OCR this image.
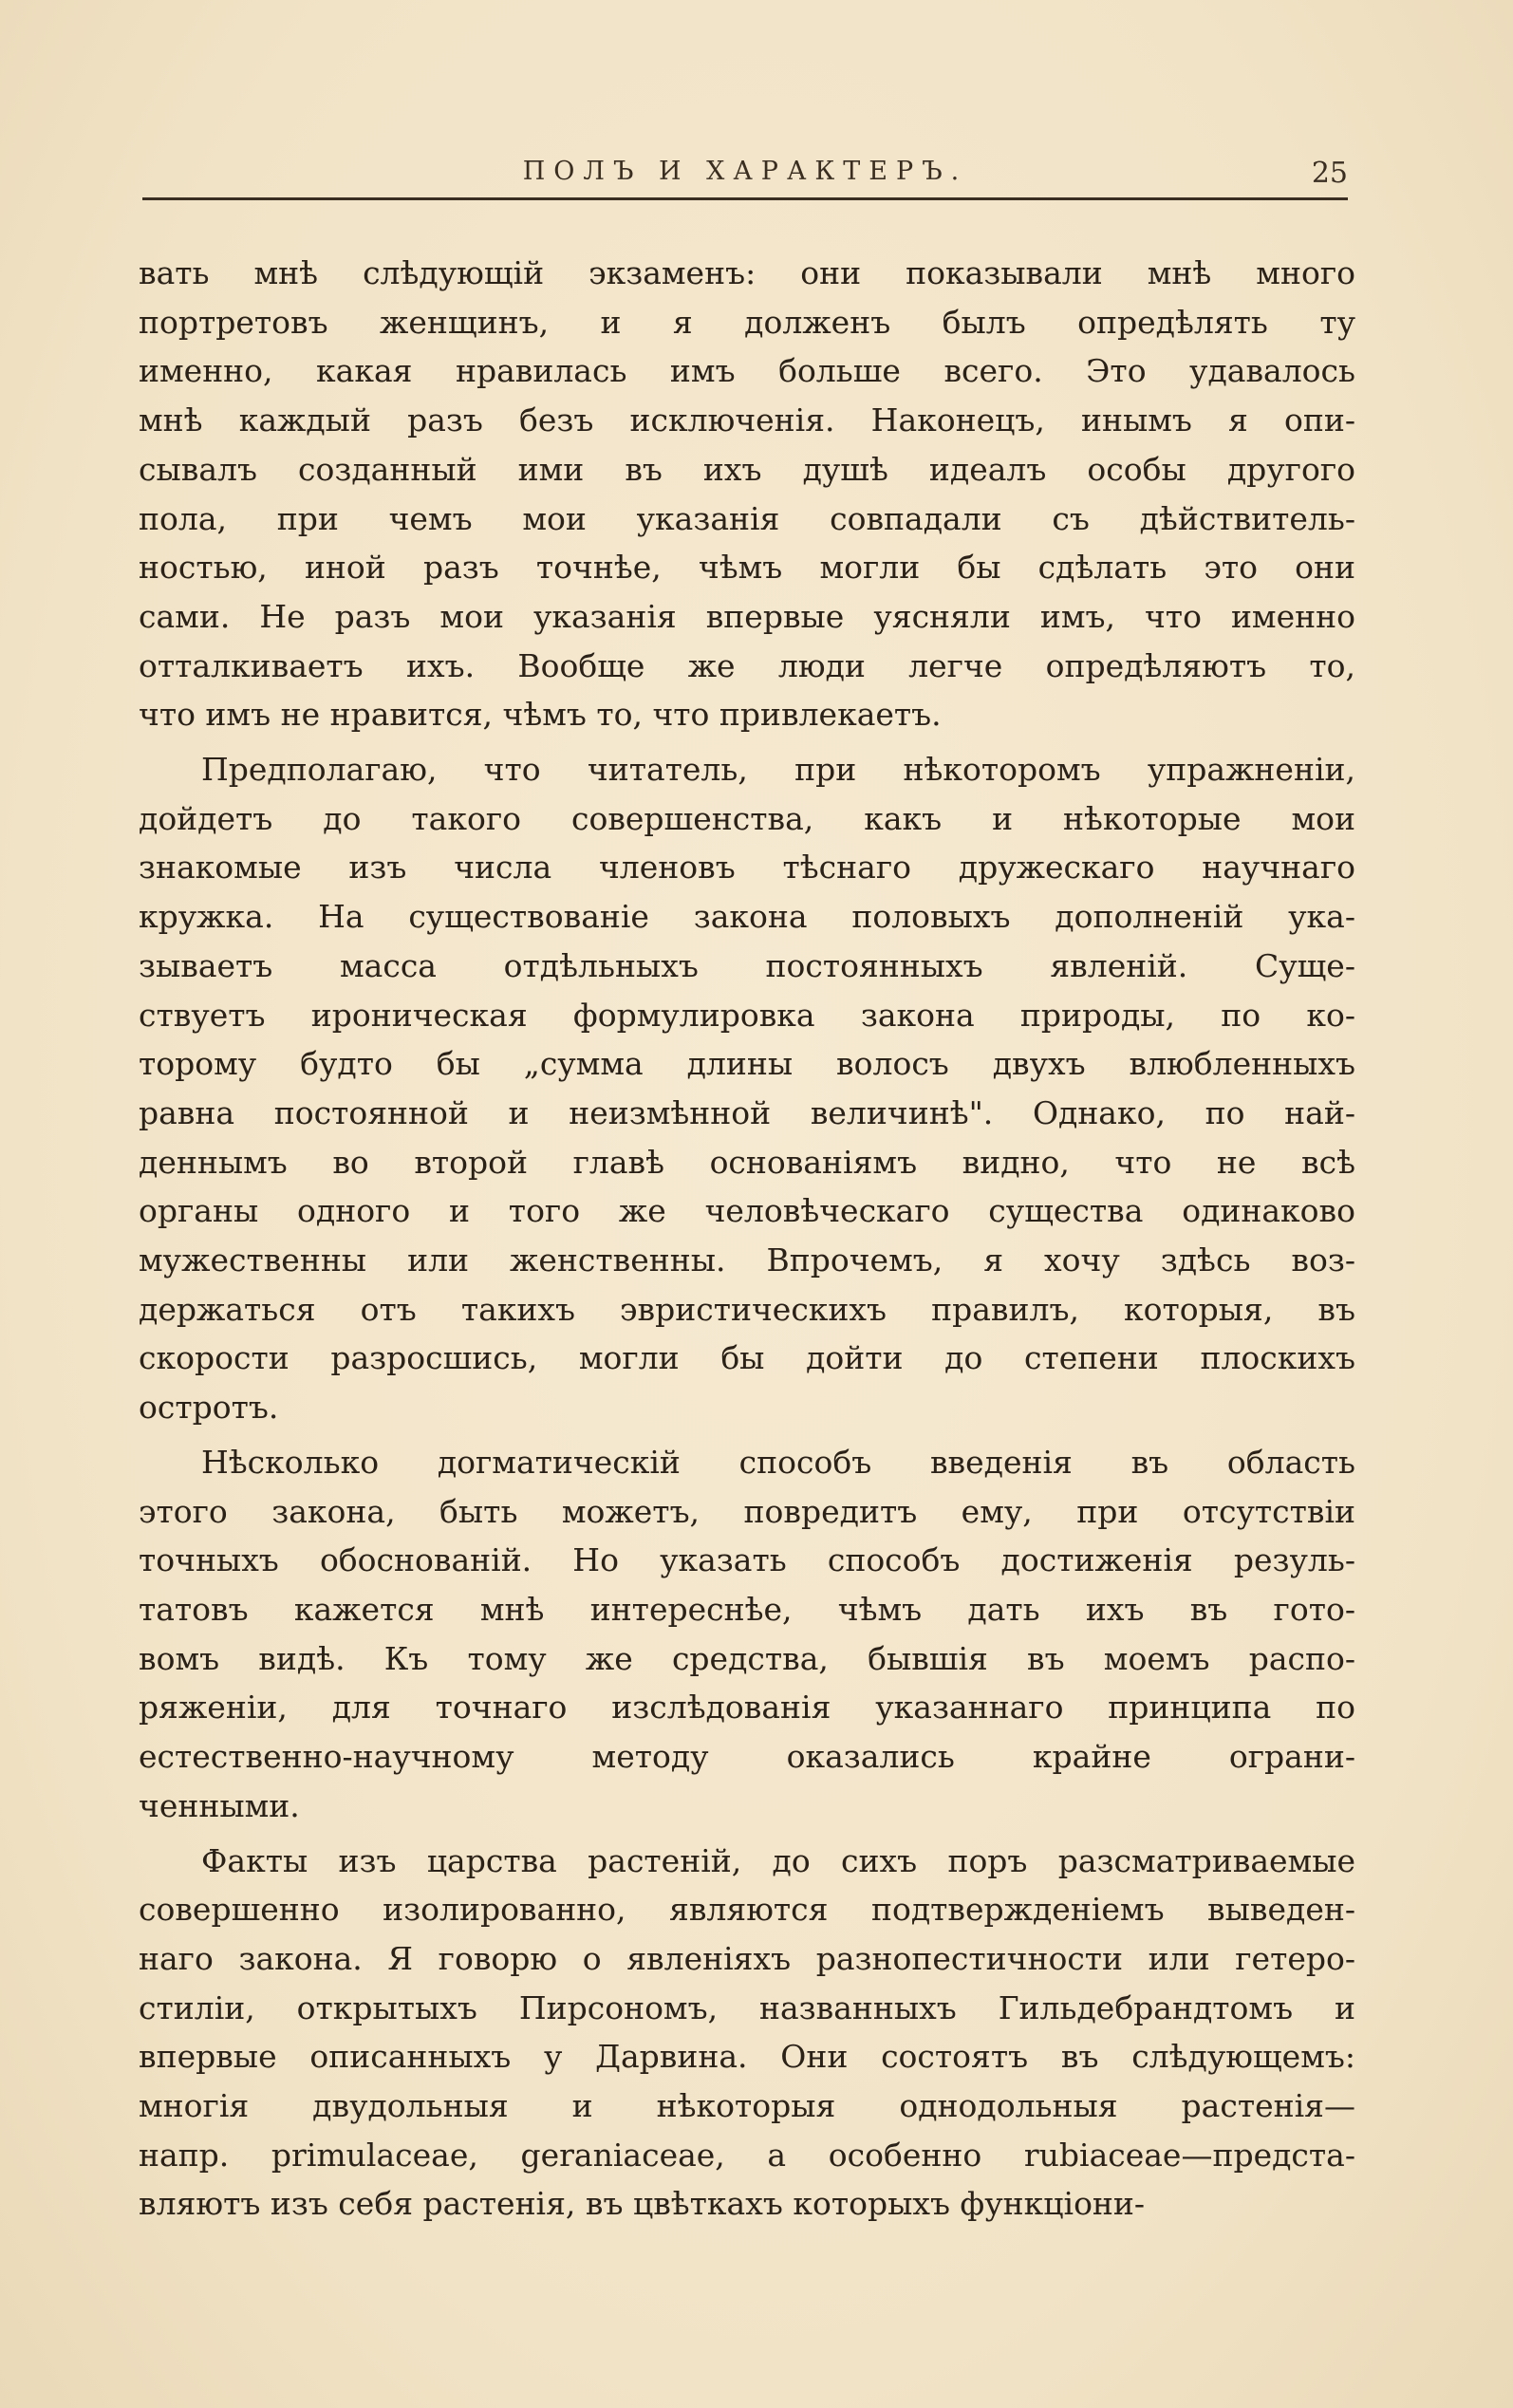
ПОЛЪ И ХАРАКТЕРЪ.	25

вать мнѣ слѣдующій экзаменъ: они показывали мнѣ много
портретовъ женщинъ, и я долженъ былъ опредѣлять ту
именно, какая нравилась имъ больше всего. Это удавалось
мнѣ каждый разъ безъ исключенія. Наконецъ, инымъ я опи-
сывалъ созданный ими въ ихъ душѣ идеалъ особы другого
пола, при чемъ мои указанія совпадали съ дѣйствитель-
ностью, иной разъ точнѣе, чѣмъ могли бы сдѣлать это они
сами. Не разъ мои указанія впервые уясняли имъ, что именно
отталкиваетъ ихъ. Вообще же люди легче опредѣляютъ то,
что имъ не нравится, чѣмъ то, что привлекаетъ.

Предполагаю, что читатель, при нѣкоторомъ упражненіи,
дойдетъ до такого совершенства, какъ и нѣкоторые мои
знакомые изъ числа членовъ тѣснаго дружескаго научнаго
кружка. На существованіе закона половыхъ дополненій ука-
зываетъ масса отдѣльныхъ постоянныхъ явленій. Суще-
ствуетъ ироническая формулировка закона природы, по ко-
торому будто бы „сумма длины волосъ двухъ влюбленныхъ
равна постоянной и неизмѣнной величинѣ". Однако, по най-
деннымъ во второй главѣ основаніямъ видно, что не всѣ
органы одного и того же человѣческаго существа одинаково
мужественны или женственны. Впрочемъ, я хочу здѣсь воз-
держаться отъ такихъ эвристическихъ правилъ, которыя, въ
скорости разросшись, могли бы дойти до степени плоскихъ
остротъ.

Нѣсколько догматическій способъ введенія въ область
этого закона, быть можетъ, повредитъ ему, при отсутствіи
точныхъ обоснованій. Но указать способъ достиженія резуль-
татовъ кажется мнѣ интереснѣе, чѣмъ дать ихъ въ гото-
вомъ видѣ. Къ тому же средства, бывшія въ моемъ распо-
ряженіи, для точнаго изслѣдованія указаннаго принципа по
естественно-научному методу оказались крайне ограни-
ченными.

Факты изъ царства растеній, до сихъ поръ разсматриваемые
совершенно изолированно, являются подтвержденіемъ выведен-
наго закона. Я говорю о явленіяхъ разнопестичности или гетеро-
стиліи, открытыхъ Пирсономъ, названныхъ Гильдебрандтомъ и
впервые описанныхъ у Дарвина. Они состоятъ въ слѣдующемъ:
многія двудольныя и нѣкоторыя однодольныя растенія—
напр. primulaceae, geraniaceae, а особенно rubiaceae—предста-
вляютъ изъ себя растенія, въ цвѣткахъ которыхъ функціони-
